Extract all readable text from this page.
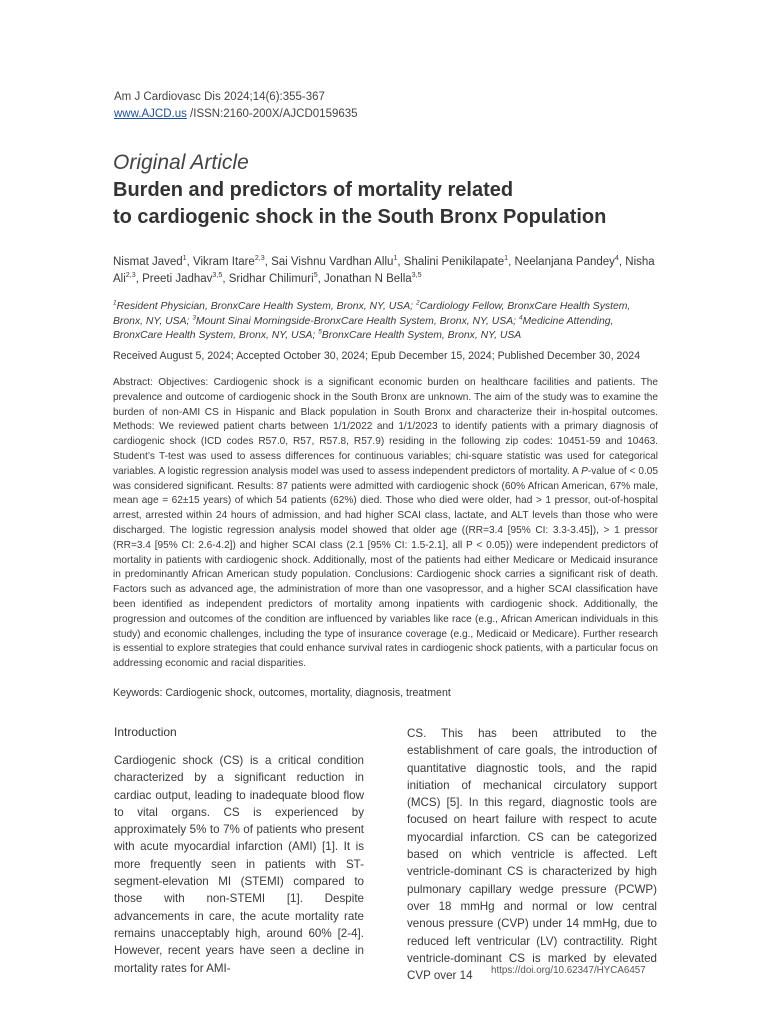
Am J Cardiovasc Dis 2024;14(6):355-367
www.AJCD.us /ISSN:2160-200X/AJCD0159635
Original Article
Burden and predictors of mortality related
to cardiogenic shock in the South Bronx Population
Nismat Javed$^1$, Vikram Itare$^{2,3}$, Sai Vishnu Vardhan Allu$^1$, Shalini Penikilapate$^1$, Neelanjana Pandey$^4$, Nisha Ali$^{2,3}$, Preeti Jadhav$^{3,5}$, Sridhar Chilimuri$^5$, Jonathan N Bella$^{3,5}$
$^1$Resident Physician, BronxCare Health System, Bronx, NY, USA; $^2$Cardiology Fellow, BronxCare Health System, Bronx, NY, USA; $^3$Mount Sinai Morningside-BronxCare Health System, Bronx, NY, USA; $^4$Medicine Attending, BronxCare Health System, Bronx, NY, USA; $^5$BronxCare Health System, Bronx, NY, USA
Received August 5, 2024; Accepted October 30, 2024; Epub December 15, 2024; Published December 30, 2024
Abstract: Objectives: Cardiogenic shock is a significant economic burden on healthcare facilities and patients. The prevalence and outcome of cardiogenic shock in the South Bronx are unknown. The aim of the study was to examine the burden of non-AMI CS in Hispanic and Black population in South Bronx and characterize their in-hospital outcomes. Methods: We reviewed patient charts between 1/1/2022 and 1/1/2023 to identify patients with a primary diagnosis of cardiogenic shock (ICD codes R57.0, R57, R57.8, R57.9) residing in the following zip codes: 10451-59 and 10463. Student’s T-test was used to assess differences for continuous variables; chi-square statistic was used for categorical variables. A logistic regression analysis model was used to assess independent predictors of mortality. A P-value of < 0.05 was considered significant. Results: 87 patients were admitted with cardiogenic shock (60% African American, 67% male, mean age = 62±15 years) of which 54 patients (62%) died. Those who died were older, had > 1 pressor, out-of-hospital arrest, arrested within 24 hours of admission, and had higher SCAI class, lactate, and ALT levels than those who were discharged. The logistic regression analysis model showed that older age ((RR=3.4 [95% CI: 3.3-3.45]), > 1 pressor (RR=3.4 [95% CI: 2.6-4.2]) and higher SCAI class (2.1 [95% CI: 1.5-2.1], all P < 0.05)) were independent predictors of mortality in patients with cardiogenic shock. Additionally, most of the patients had either Medicare or Medicaid insurance in predominantly African American study population. Conclusions: Cardiogenic shock carries a significant risk of death. Factors such as advanced age, the administration of more than one vasopressor, and a higher SCAI classification have been identified as independent predictors of mortality among inpatients with cardiogenic shock. Additionally, the progression and outcomes of the condition are influenced by variables like race (e.g., African American individuals in this study) and economic challenges, including the type of insurance coverage (e.g., Medicaid or Medicare). Further research is essential to explore strategies that could enhance survival rates in cardiogenic shock patients, with a particular focus on addressing economic and racial disparities.
Keywords: Cardiogenic shock, outcomes, mortality, diagnosis, treatment
Introduction
Cardiogenic shock (CS) is a critical condition characterized by a significant reduction in cardiac output, leading to inadequate blood flow to vital organs. CS is experienced by approximately 5% to 7% of patients who present with acute myocardial infarction (AMI) [1]. It is more frequently seen in patients with ST-segment-elevation MI (STEMI) compared to those with non-STEMI [1]. Despite advancements in care, the acute mortality rate remains unacceptably high, around 60% [2-4]. However, recent years have seen a decline in mortality rates for AMI-
CS. This has been attributed to the establishment of care goals, the introduction of quantitative diagnostic tools, and the rapid initiation of mechanical circulatory support (MCS) [5]. In this regard, diagnostic tools are focused on heart failure with respect to acute myocardial infarction. CS can be categorized based on which ventricle is affected. Left ventricle-dominant CS is characterized by high pulmonary capillary wedge pressure (PCWP) over 18 mmHg and normal or low central venous pressure (CVP) under 14 mmHg, due to reduced left ventricular (LV) contractility. Right ventricle-dominant CS is marked by elevated CVP over 14	https://doi.org/10.62347/HYCA6457
